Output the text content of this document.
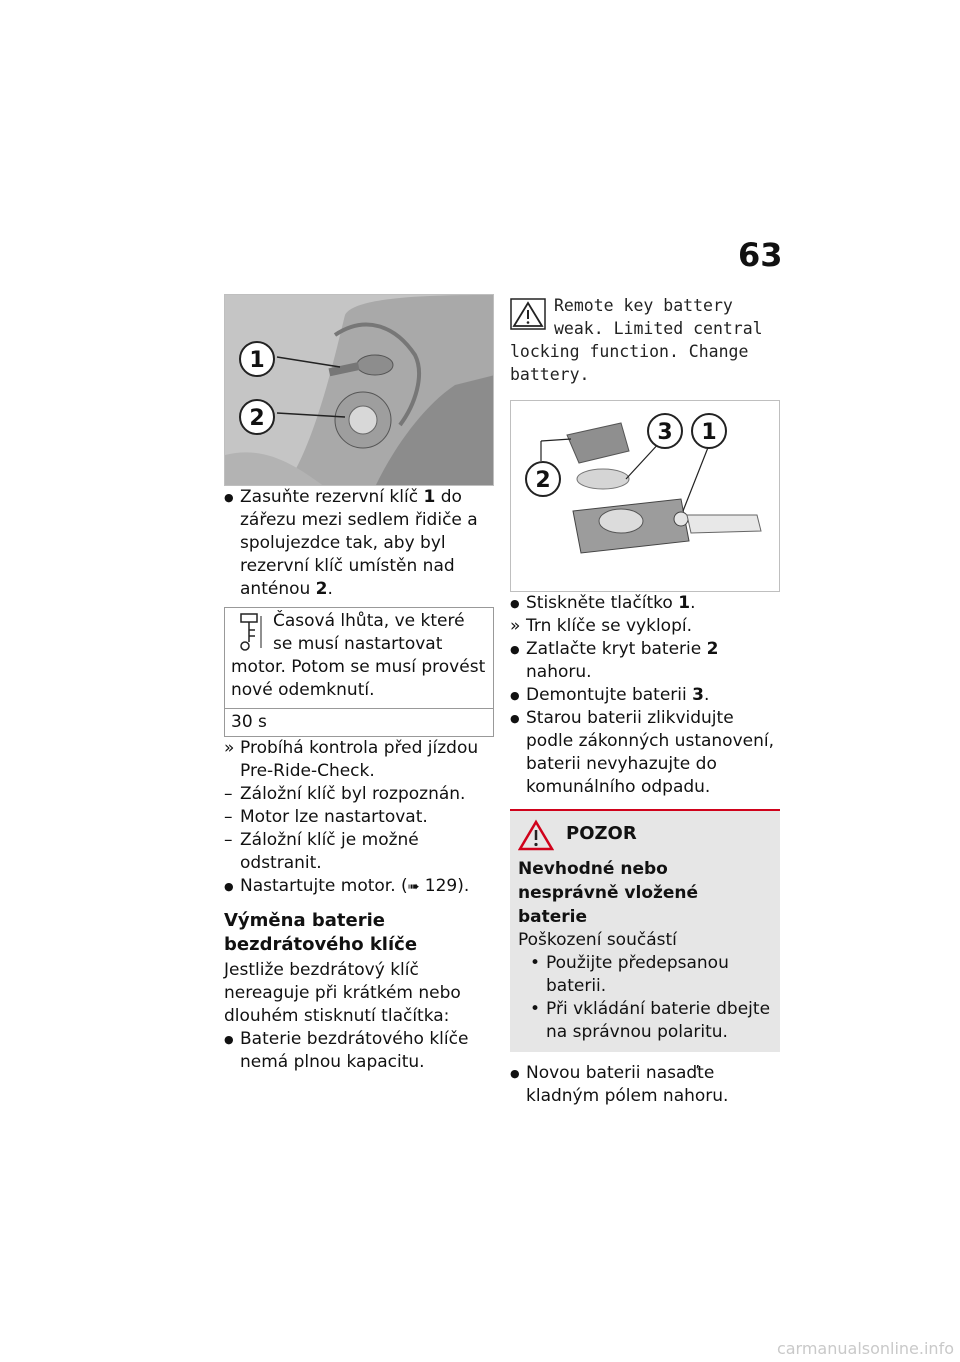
63
1
2
● Zasuňte rezervní klíč 1 do zářezu mezi sedlem řidiče a spolujezdce tak, aby byl rezervní klíč umístěn nad anténou 2.
Časová lhůta, ve které se musí nastartovat motor. Potom se musí provést nové odemknutí.
30 s
» Probíhá kontrola před jízdou Pre-Ride-Check.
– Záložní klíč byl rozpoznán.
– Motor lze nastartovat.
– Záložní klíč je možné odstranit.
● Nastartujte motor. (➠ 129).
Výměna baterie bezdrátového klíče
Jestliže bezdrátový klíč nereaguje při krátkém nebo dlouhém stisknutí tlačítka:
● Baterie bezdrátového klíče nemá plnou kapacitu.
Remote key battery weak. Limited central locking function. Change battery.
3	1
2
● Stiskněte tlačítko 1.
» Trn klíče se vyklopí.
● Zatlačte kryt baterie 2 nahoru.
● Demontujte baterii 3.
● Starou baterii zlikvidujte podle zákonných ustanovení, baterii nevyhazujte do komunálního odpadu.
POZOR
Nevhodné nebo nesprávně vložené baterie
Poškození součástí
• Použijte předepsanou baterii.
• Při vkládání baterie dbejte na správnou polaritu.
● Novou baterii nasaďte kladným pólem nahoru.
carmanualsonline.info
